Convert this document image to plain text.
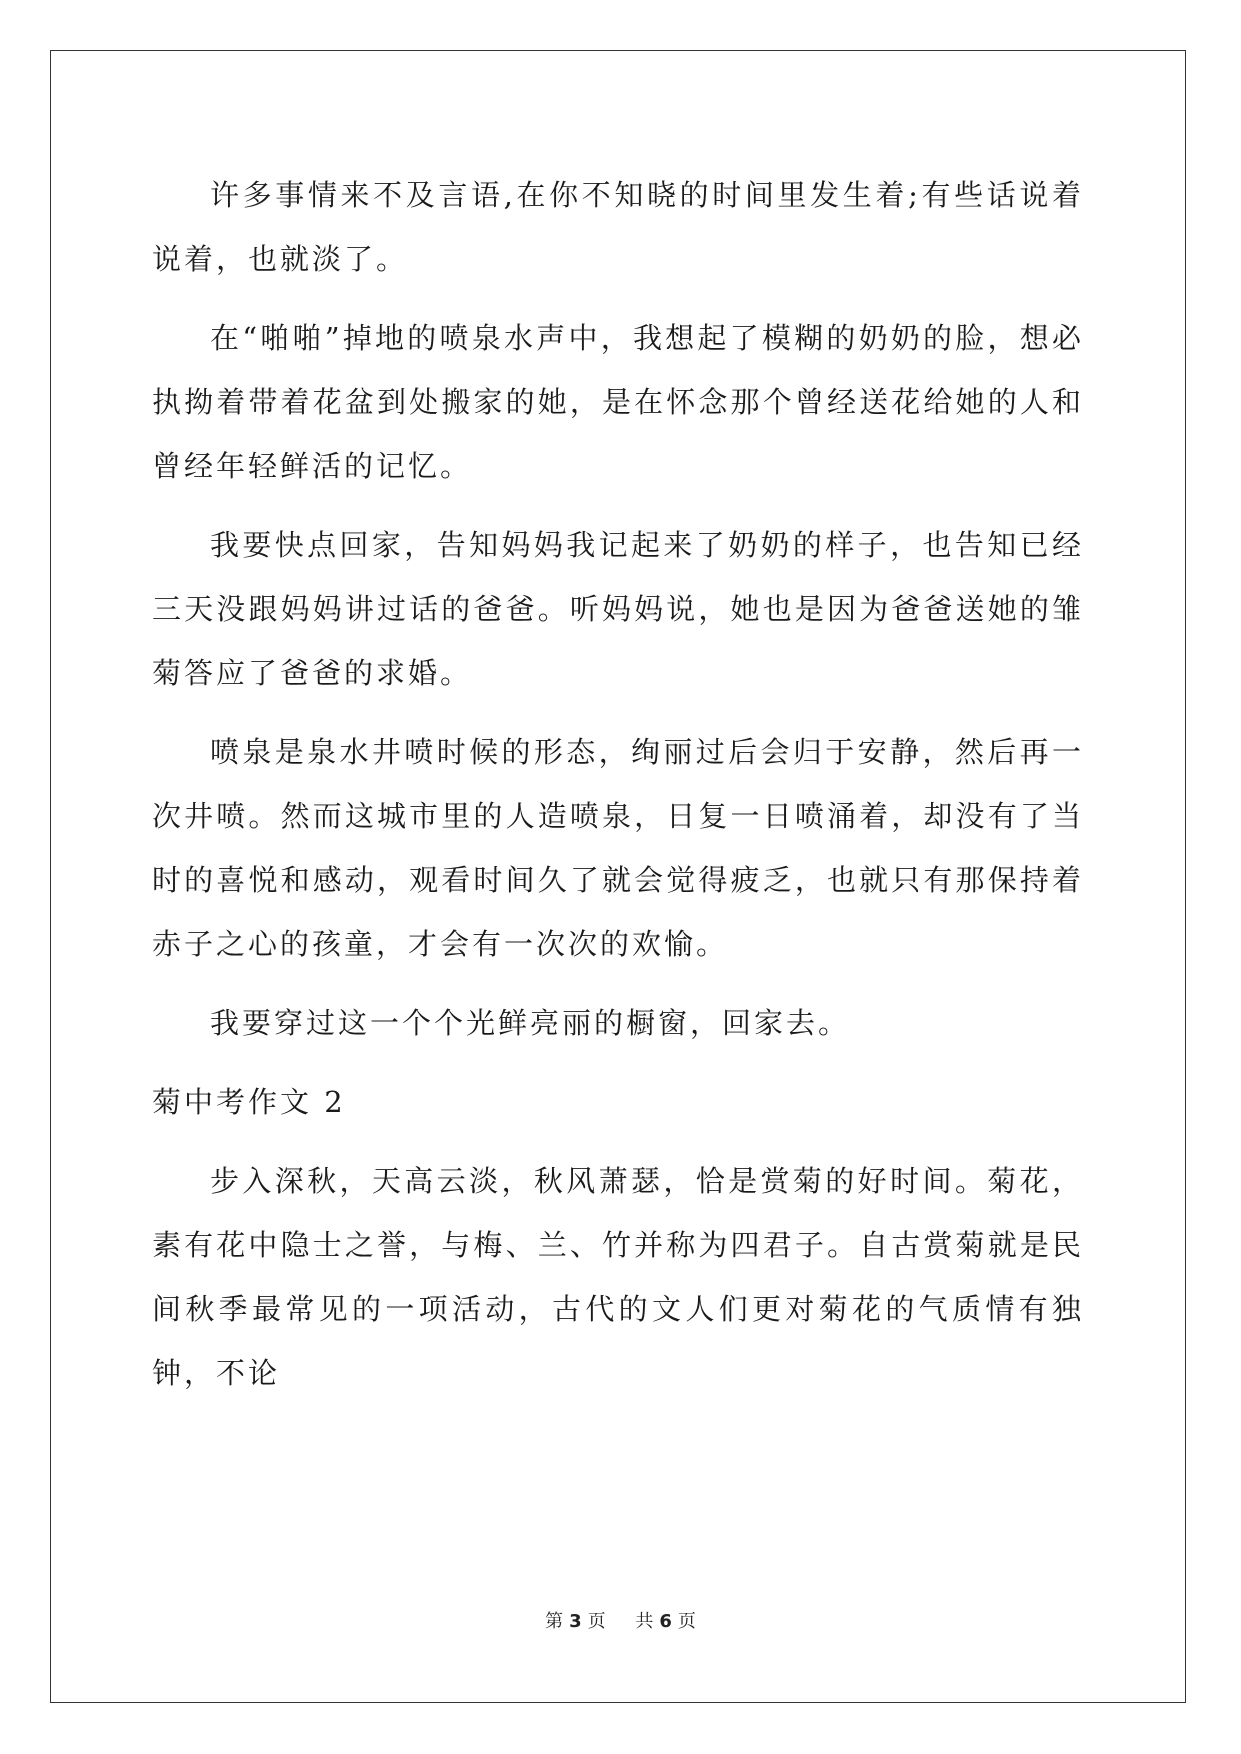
许多事情来不及言语,在你不知晓的时间里发生着;有些话说着说着，也就淡了。

在“啪啪”掉地的喷泉水声中，我想起了模糊的奶奶的脸，想必执拗着带着花盆到处搬家的她，是在怀念那个曾经送花给她的人和曾经年轻鲜活的记忆。

我要快点回家，告知妈妈我记起来了奶奶的样子，也告知已经三天没跟妈妈讲过话的爸爸。听妈妈说，她也是因为爸爸送她的雏菊答应了爸爸的求婚。

喷泉是泉水井喷时候的形态，绚丽过后会归于安静，然后再一次井喷。然而这城市里的人造喷泉，日复一日喷涌着，却没有了当时的喜悦和感动，观看时间久了就会觉得疲乏，也就只有那保持着赤子之心的孩童，才会有一次次的欢愉。

我要穿过这一个个光鲜亮丽的橱窗，回家去。

菊中考作文 2

步入深秋，天高云淡，秋风萧瑟，恰是赏菊的好时间。菊花，素有花中隐士之誉，与梅、兰、竹并称为四君子。自古赏菊就是民间秋季最常见的一项活动，古代的文人们更对菊花的气质情有独钟，不论

第 3 页 共 6 页
